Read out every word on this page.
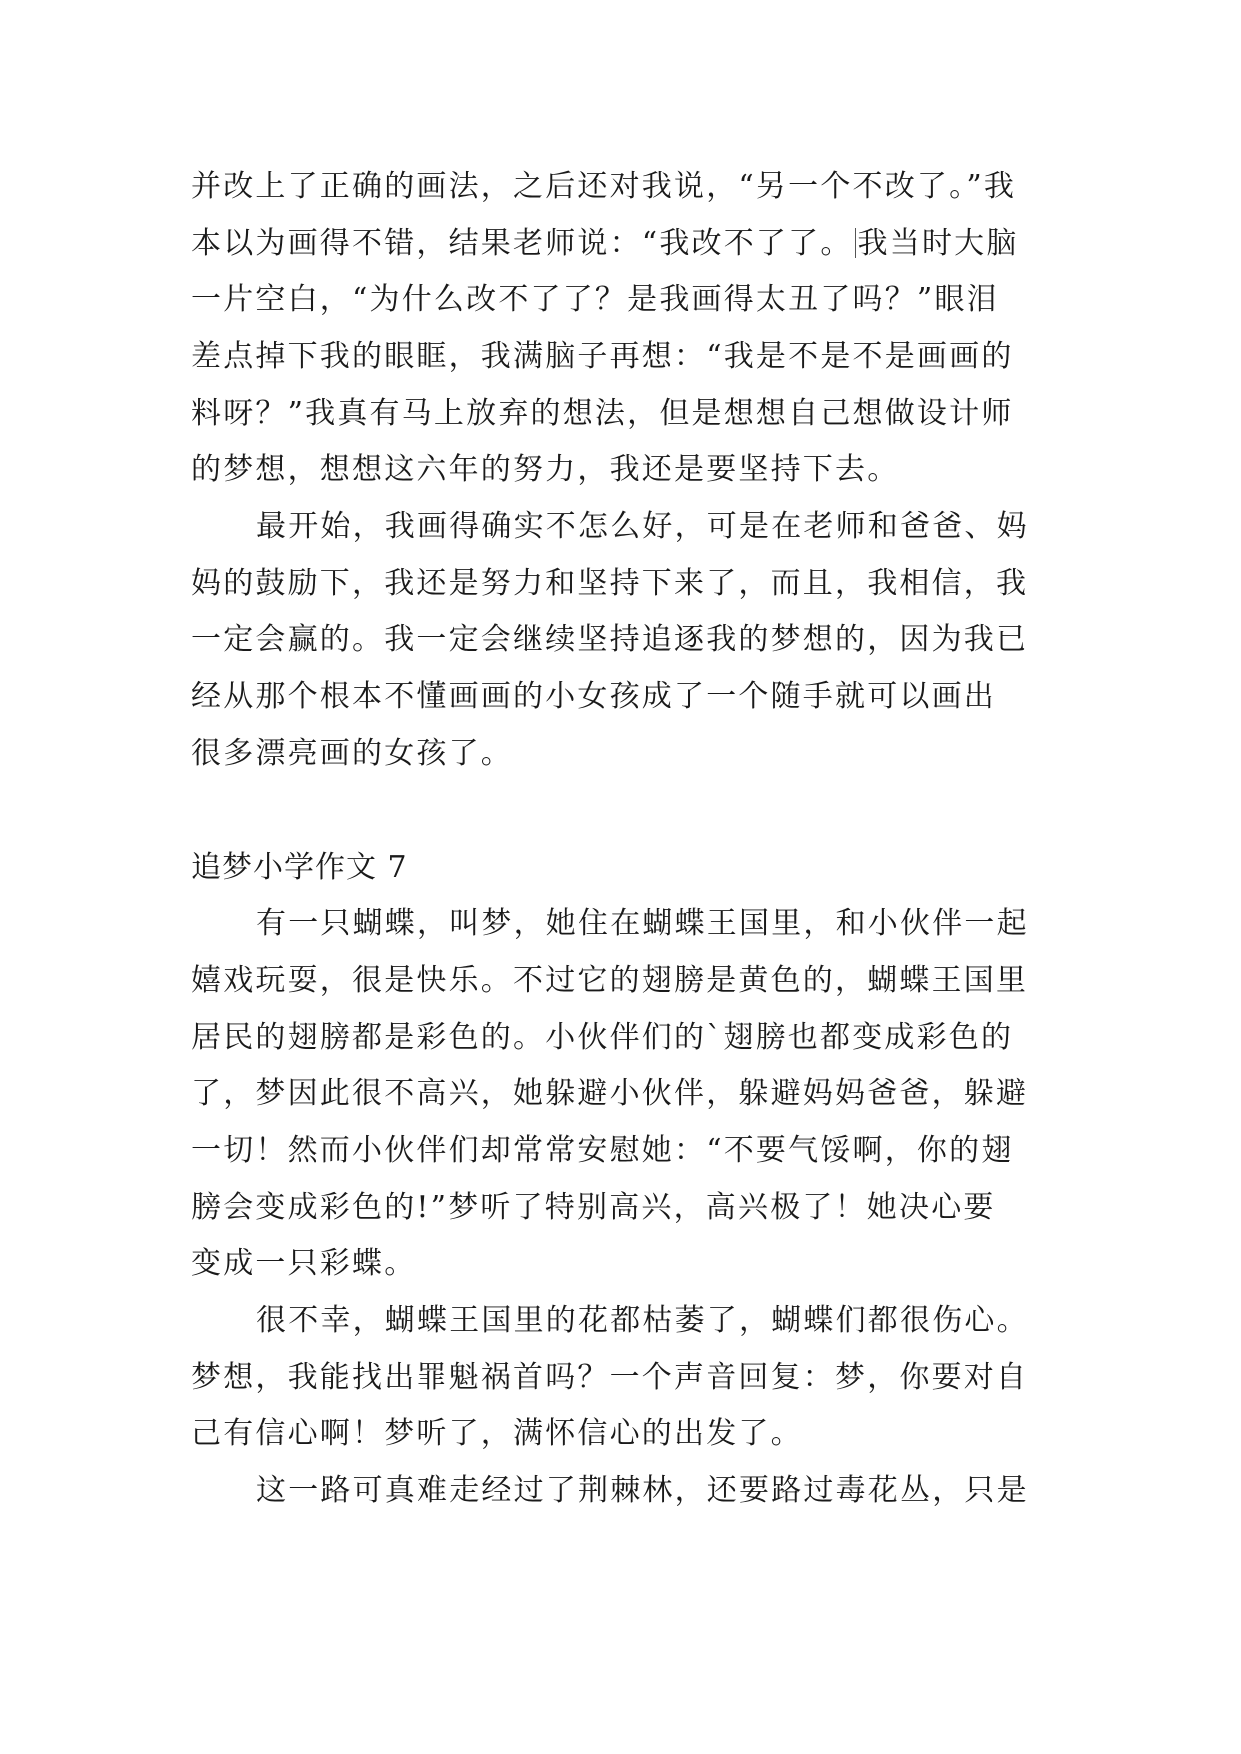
并改上了正确的画法，之后还对我说，“另一个不改了。”我
本以为画得不错，结果老师说：“我改不了了。 我当时大脑
一片空白，“为什么改不了了？是我画得太丑了吗？”眼泪
差点掉下我的眼眶，我满脑子再想：“我是不是不是画画的
料呀？”我真有马上放弃的想法，但是想想自己想做设计师
的梦想，想想这六年的努力，我还是要坚持下去。
最开始，我画得确实不怎么好，可是在老师和爸爸、妈
妈的鼓励下，我还是努力和坚持下来了，而且，我相信，我
一定会赢的。我一定会继续坚持追逐我的梦想的，因为我已
经从那个根本不懂画画的小女孩成了一个随手就可以画出
很多漂亮画的女孩了。
追梦小学作文 7
有一只蝴蝶，叫梦，她住在蝴蝶王国里，和小伙伴一起
嬉戏玩耍，很是快乐。不过它的翅膀是黄色的，蝴蝶王国里
居民的翅膀都是彩色的。小伙伴们的`翅膀也都变成彩色的
了，梦因此很不高兴，她躲避小伙伴，躲避妈妈爸爸，躲避
一切！然而小伙伴们却常常安慰她：“不要气馁啊，你的翅
膀会变成彩色的!”梦听了特别高兴，高兴极了！她决心要
变成一只彩蝶。
很不幸，蝴蝶王国里的花都枯萎了，蝴蝶们都很伤心。
梦想，我能找出罪魁祸首吗？一个声音回复：梦，你要对自
己有信心啊！梦听了，满怀信心的出发了。
这一路可真难走经过了荆棘林，还要路过毒花丛，只是
